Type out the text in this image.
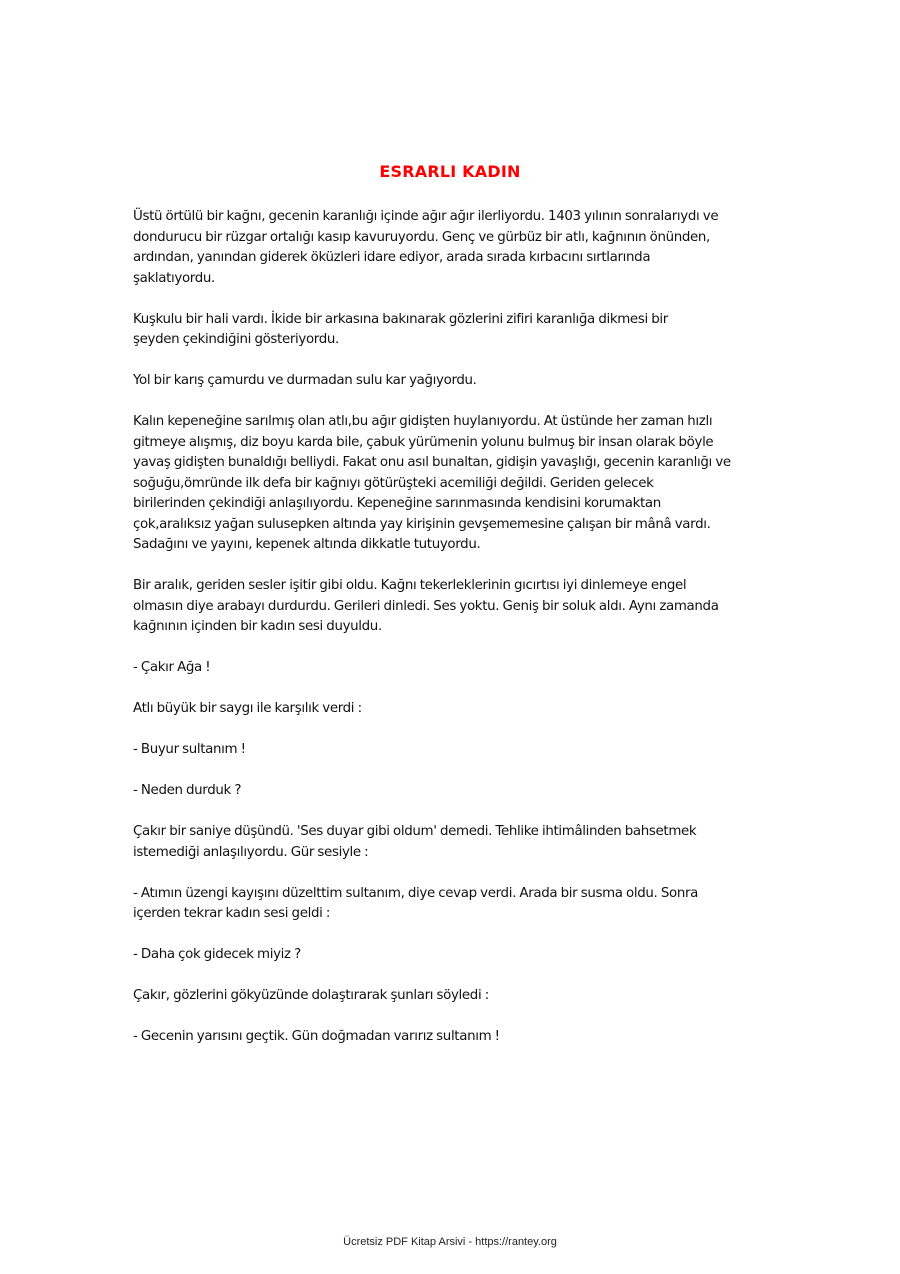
ESRARLI KADIN

Üstü örtülü bir kağnı, gecenin karanlığı içinde ağır ağır ilerliyordu. 1403 yılının sonralarıydı ve
dondurucu bir rüzgar ortalığı kasıp kavuruyordu. Genç ve gürbüz bir atlı, kağnının önünden,
ardından, yanından giderek öküzleri idare ediyor, arada sırada kırbacını sırtlarında
şaklatıyordu.

Kuşkulu bir hali vardı. İkide bir arkasına bakınarak gözlerini zifiri karanlığa dikmesi bir
şeyden çekindiğini gösteriyordu.

Yol bir karış çamurdu ve durmadan sulu kar yağıyordu.

Kalın kepeneğine sarılmış olan atlı,bu ağır gidişten huylanıyordu. At üstünde her zaman hızlı
gitmeye alışmış, diz boyu karda bile, çabuk yürümenin yolunu bulmuş bir insan olarak böyle
yavaş gidişten bunaldığı belliydi. Fakat onu asıl bunaltan, gidişin yavaşlığı, gecenin karanlığı ve
soğuğu,ömründe ilk defa bir kağnıyı götürüşteki acemiliği değildi. Geriden gelecek
birilerinden çekindiği anlaşılıyordu. Kepeneğine sarınmasında kendisini korumaktan
çok,aralıksız yağan sulusepken altında yay kirişinin gevşememesine çalışan bir mânâ vardı.
Sadağını ve yayını, kepenek altında dikkatle tutuyordu.

Bir aralık, geriden sesler işitir gibi oldu. Kağnı tekerleklerinin gıcırtısı iyi dinlemeye engel
olmasın diye arabayı durdurdu. Gerileri dinledi. Ses yoktu. Geniş bir soluk aldı. Aynı zamanda
kağnının içinden bir kadın sesi duyuldu.

- Çakır Ağa !

Atlı büyük bir saygı ile karşılık verdi :

- Buyur sultanım !

- Neden durduk ?

Çakır bir saniye düşündü. 'Ses duyar gibi oldum' demedi. Tehlike ihtimâlinden bahsetmek
istemediği anlaşılıyordu. Gür sesiyle :

- Atımın üzengi kayışını düzelttim sultanım, diye cevap verdi. Arada bir susma oldu. Sonra
içerden tekrar kadın sesi geldi :

- Daha çok gidecek miyiz ?

Çakır, gözlerini gökyüzünde dolaştırarak şunları söyledi :

- Gecenin yarısını geçtik. Gün doğmadan varırız sultanım !

Ücretsiz PDF Kitap Arsivi - https://rantey.org
